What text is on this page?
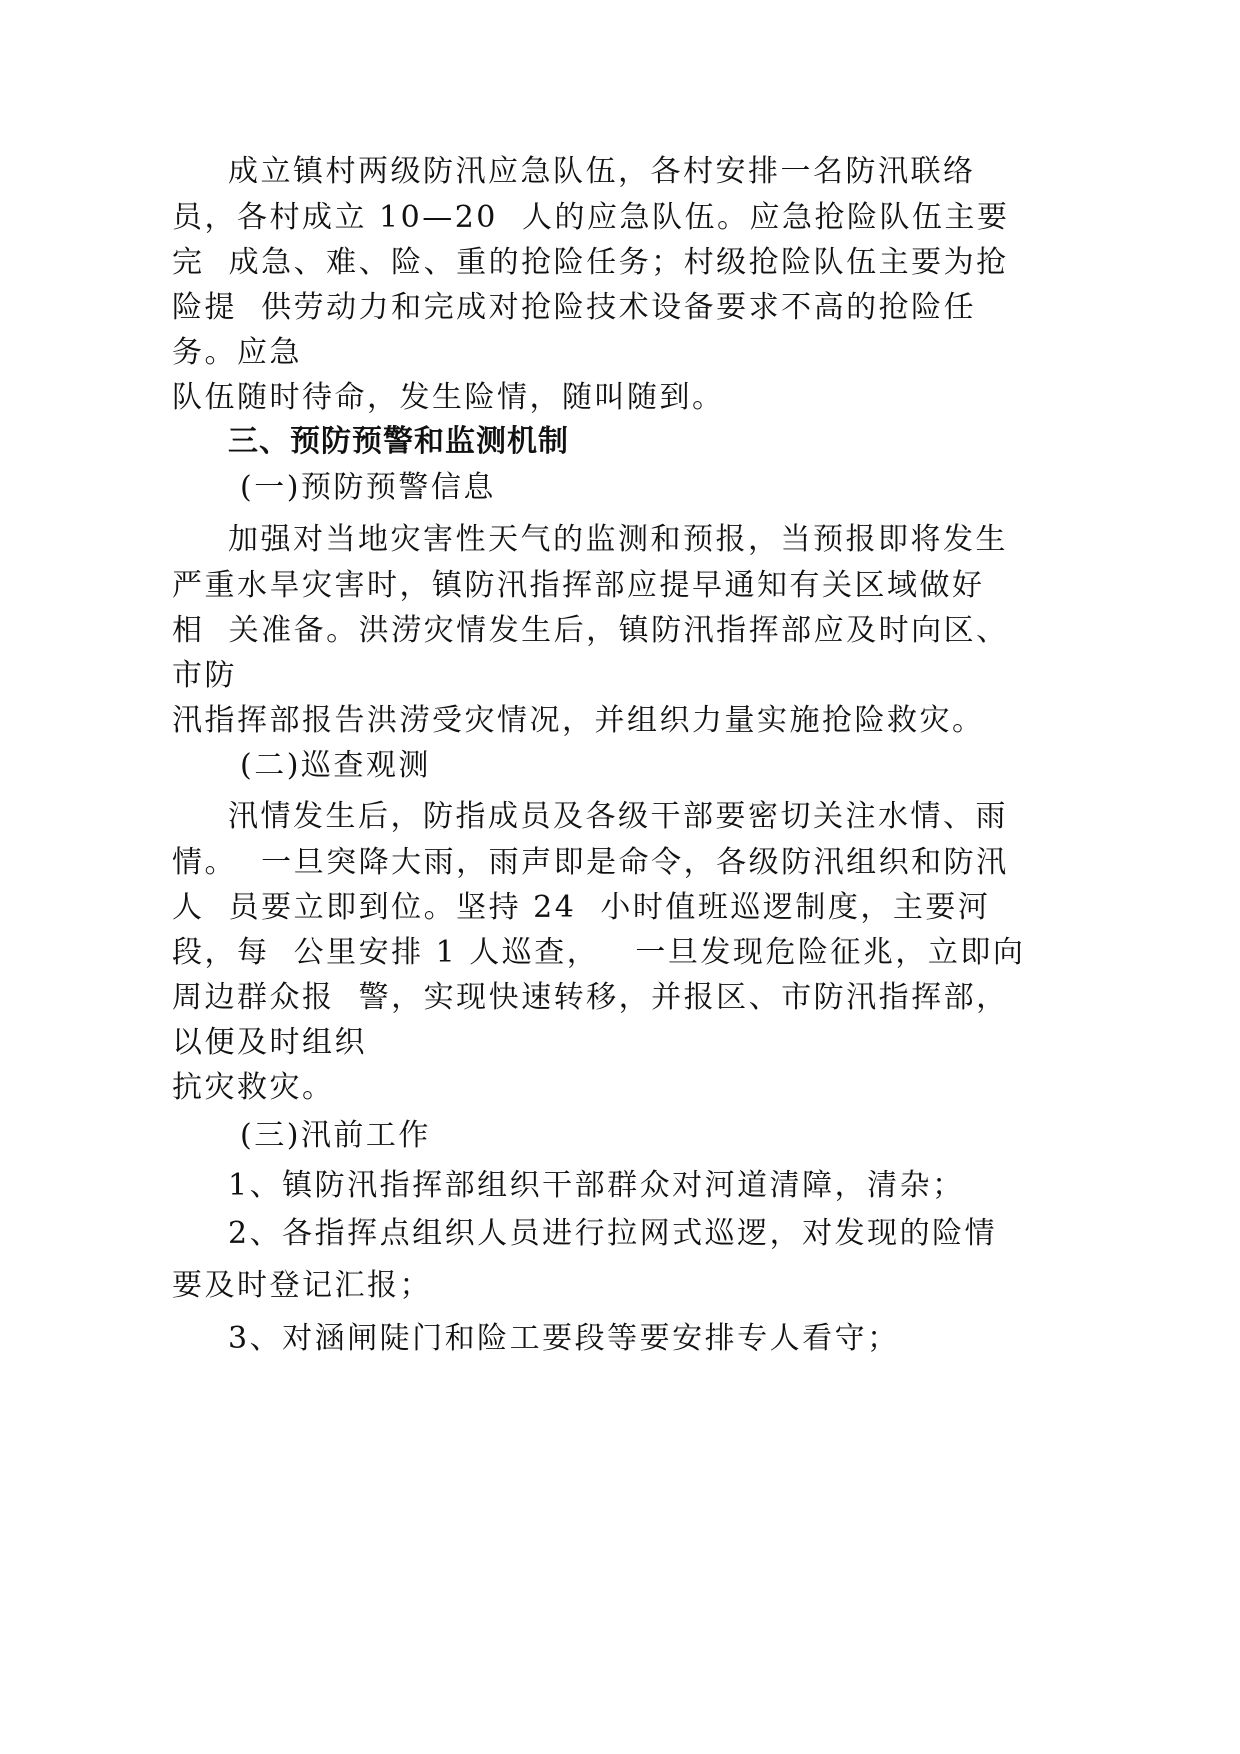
成立镇村两级防汛应急队伍，各村安排一名防汛联络
员，各村成立 10—20  人的应急队伍。应急抢险队伍主要
完  成急、难、险、重的抢险任务；村级抢险队伍主要为抢
险提  供劳动力和完成对抢险技术设备要求不高的抢险任
务。应急
队伍随时待命，发生险情，随叫随到。
三、预防预警和监测机制
(一)预防预警信息
加强对当地灾害性天气的监测和预报，当预报即将发生
严重水旱灾害时，镇防汛指挥部应提早通知有关区域做好
相  关准备。洪涝灾情发生后，镇防汛指挥部应及时向区、
市防
汛指挥部报告洪涝受灾情况，并组织力量实施抢险救灾。
(二)巡查观测
汛情发生后，防指成员及各级干部要密切关注水情、雨
情。  一旦突降大雨，雨声即是命令，各级防汛组织和防汛
人  员要立即到位。坚持 24  小时值班巡逻制度，主要河
段，每  公里安排 1 人巡查，   一旦发现危险征兆，立即向
周边群众报  警，实现快速转移，并报区、市防汛指挥部，
以便及时组织
抗灾救灾。
(三)汛前工作
1、镇防汛指挥部组织干部群众对河道清障，清杂；
2、各指挥点组织人员进行拉网式巡逻，对发现的险情
要及时登记汇报；
3、对涵闸陡门和险工要段等要安排专人看守；
